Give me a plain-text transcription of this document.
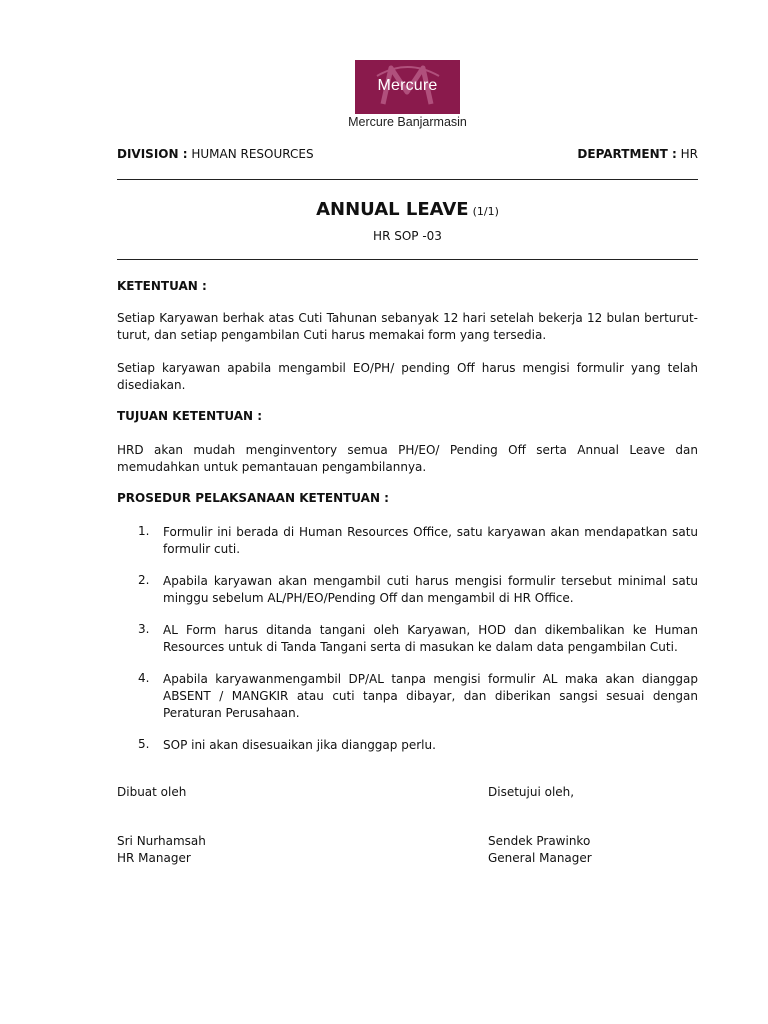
Mercure
Mercure Banjarmasin
DIVISION : HUMAN RESOURCES	DEPARTMENT : HR
ANNUAL LEAVE (1/1)
HR SOP -03
KETENTUAN :
Setiap Karyawan berhak atas Cuti Tahunan sebanyak 12 hari setelah bekerja 12 bulan berturut- turut, dan setiap pengambilan Cuti harus memakai form yang tersedia.
Setiap karyawan apabila mengambil EO/PH/ pending Off harus mengisi formulir yang telah disediakan.
TUJUAN KETENTUAN :
HRD akan mudah menginventory semua PH/EO/ Pending Off serta Annual Leave dan memudahkan untuk pemantauan pengambilannya.
PROSEDUR PELAKSANAAN KETENTUAN :
1. Formulir ini berada di Human Resources Office, satu karyawan akan mendapatkan satu formulir cuti.
2. Apabila karyawan akan mengambil cuti harus mengisi formulir tersebut minimal satu minggu sebelum AL/PH/EO/Pending Off dan mengambil di HR Office.
3. AL Form harus ditanda tangani oleh Karyawan, HOD dan dikembalikan ke Human Resources untuk di Tanda Tangani serta di masukan ke dalam data pengambilan Cuti.
4. Apabila karyawanmengambil DP/AL tanpa mengisi formulir AL maka akan dianggap ABSENT / MANGKIR atau cuti tanpa dibayar, dan diberikan sangsi sesuai dengan Peraturan Perusahaan.
5. SOP ini akan disesuaikan jika dianggap perlu.
Dibuat oleh	Disetujui oleh,
Sri Nurhamsah
HR Manager
Sendek Prawinko
General Manager
